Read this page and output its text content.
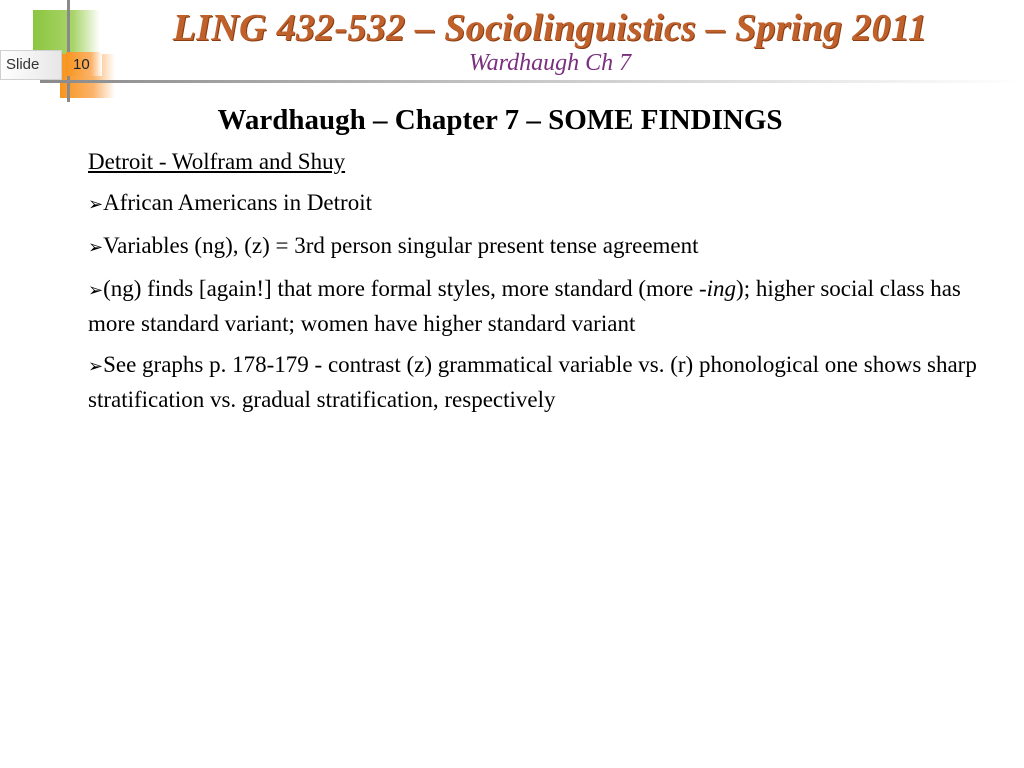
Slide 10
LING 432-532 – Sociolinguistics – Spring 2011
Wardhaugh Ch 7
Wardhaugh – Chapter 7 – SOME FINDINGS
Detroit - Wolfram and Shuy
➢African Americans in Detroit
➢Variables (ng), (z) = 3rd person singular present tense agreement
➢(ng) finds [again!] that more formal styles, more standard (more -ing); higher social class has more standard variant; women have higher standard variant
➢See graphs p. 178-179 - contrast (z) grammatical variable vs. (r) phonological one shows sharp stratification vs. gradual stratification, respectively
